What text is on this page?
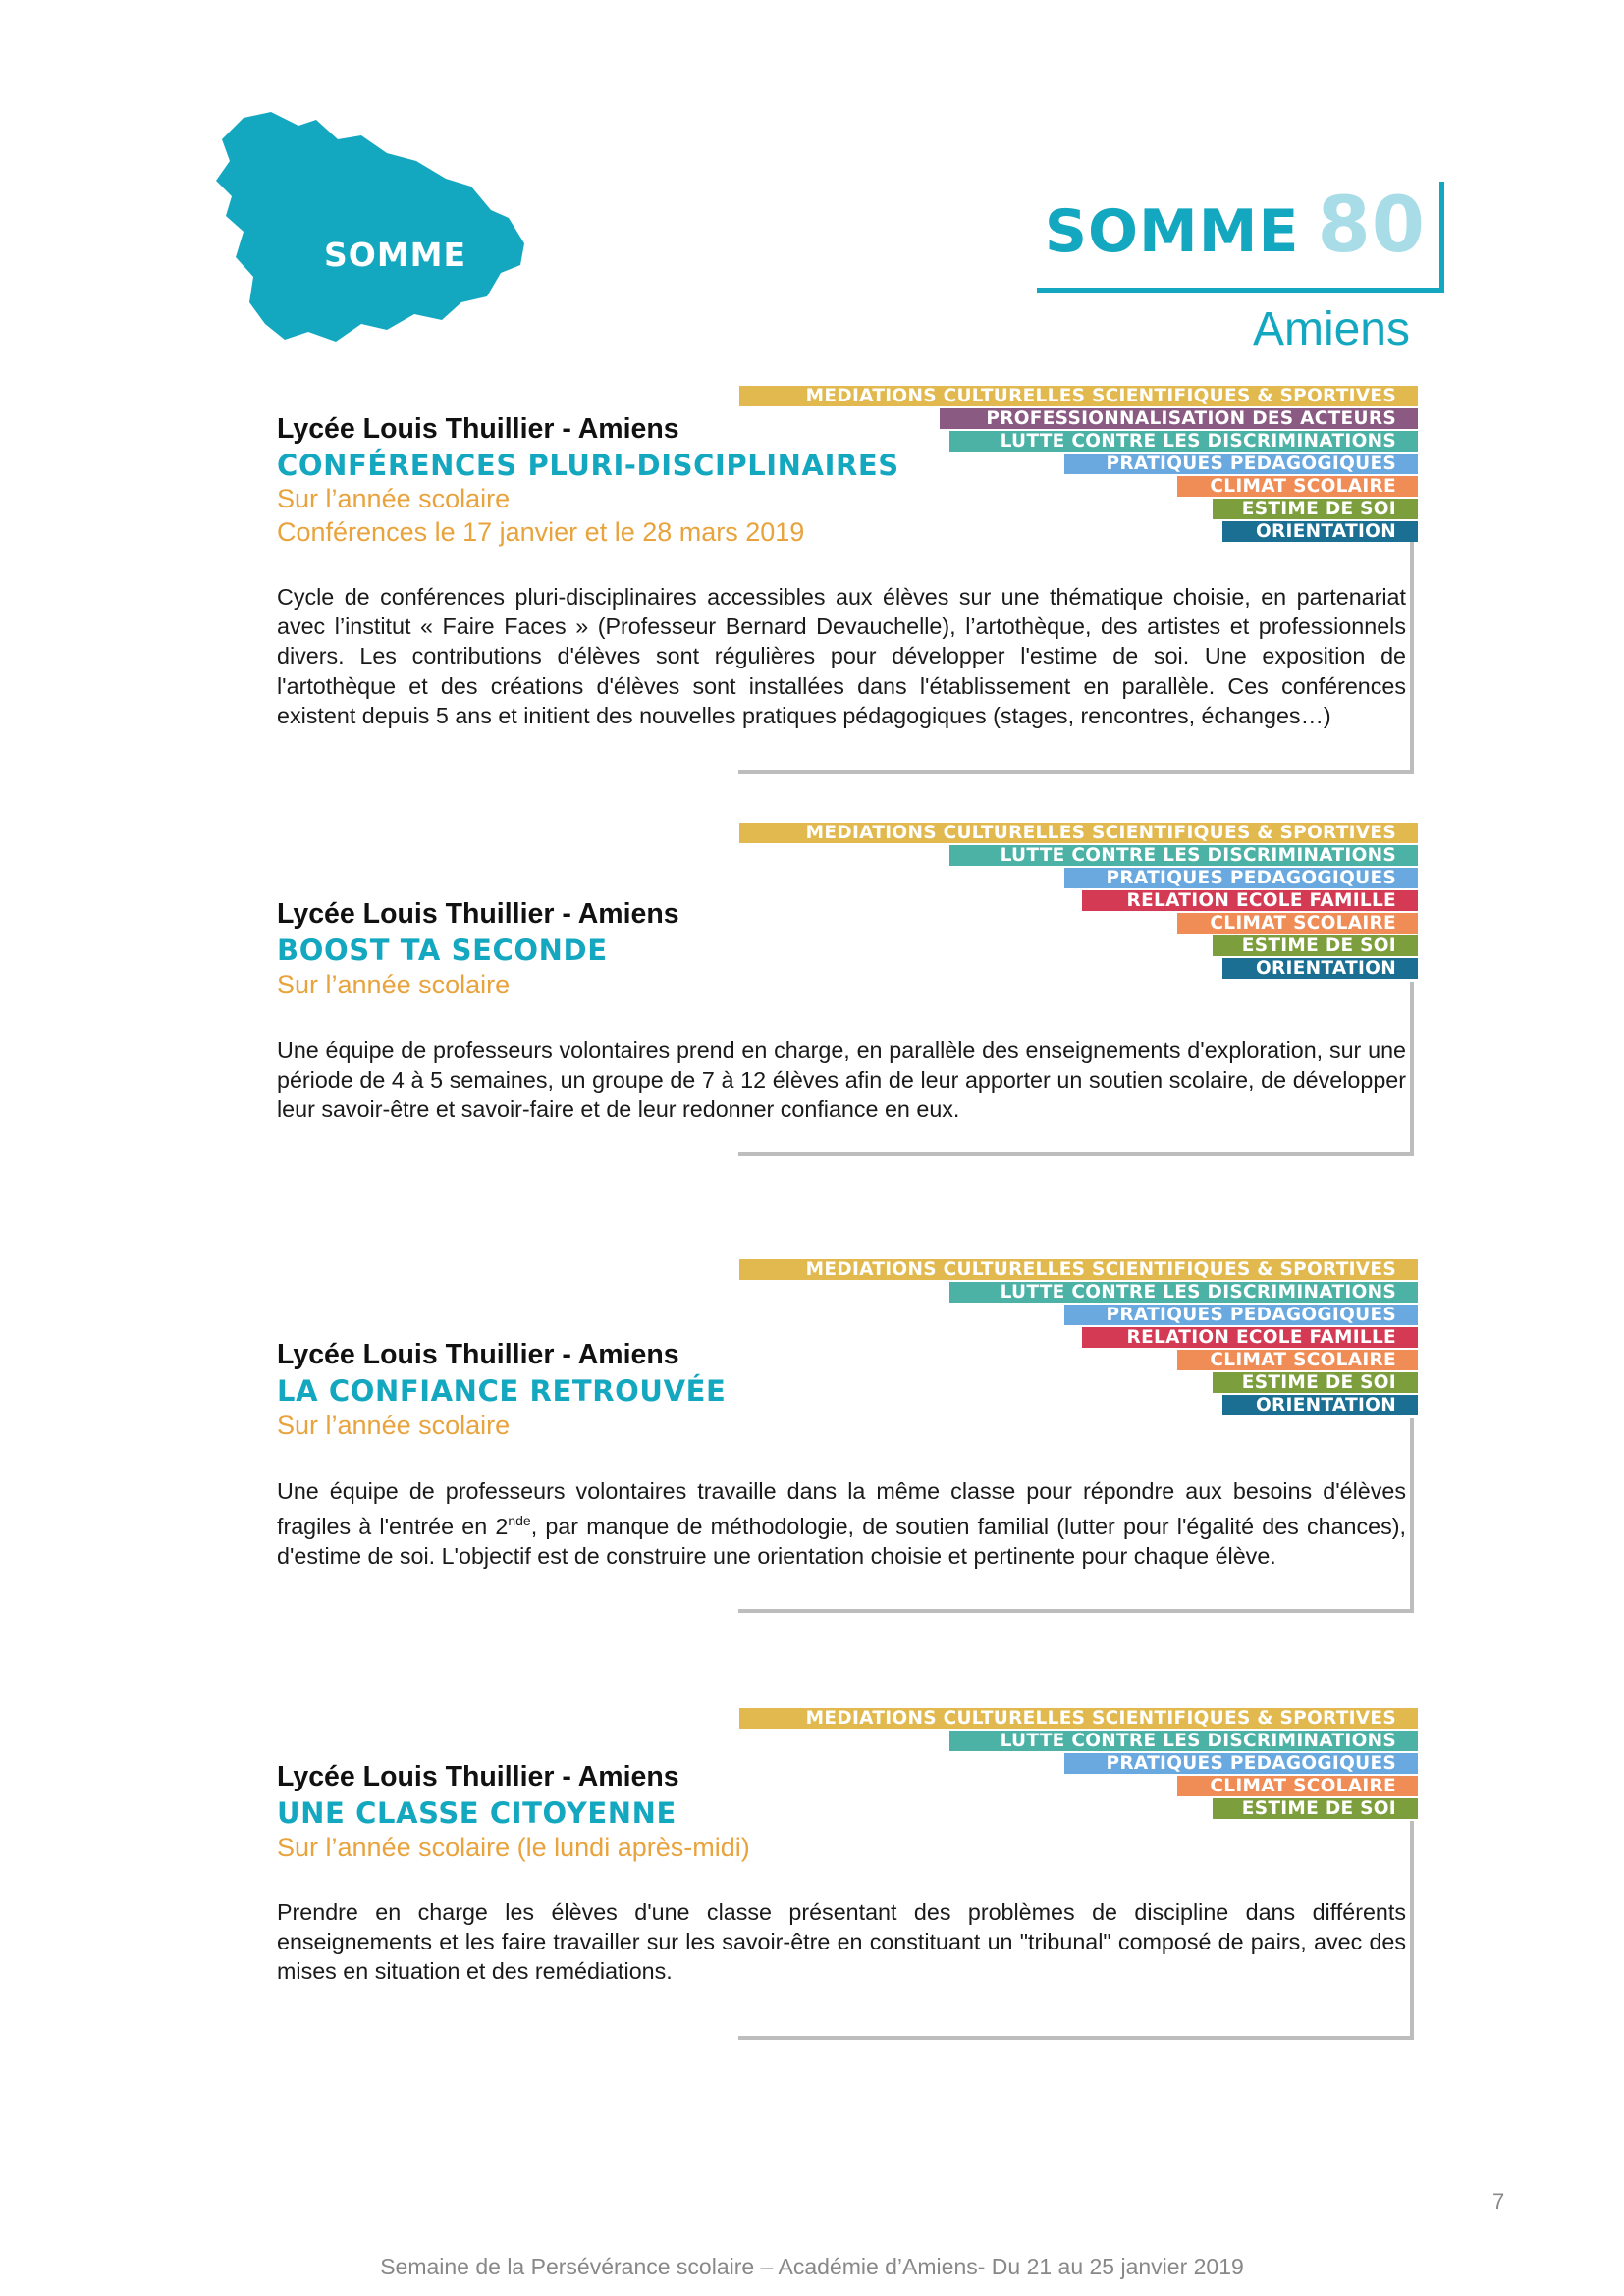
SOMME	SOMME 80
Amiens
MEDIATIONS CULTURELLES SCIENTIFIQUES & SPORTIVES
PROFESSIONNALISATION DES ACTEURS
LUTTE CONTRE LES DISCRIMINATIONS
PRATIQUES PEDAGOGIQUES
CLIMAT SCOLAIRE
ESTIME DE SOI
ORIENTATION
Lycée Louis Thuillier - Amiens
CONFÉRENCES PLURI-DISCIPLINAIRES
Sur l’année scolaire
Conférences le 17 janvier et le 28 mars 2019
Cycle de conférences pluri-disciplinaires accessibles aux élèves sur une thématique choisie, en partenariat avec l’institut « Faire Faces » (Professeur Bernard Devauchelle), l’artothèque, des artistes et professionnels divers. Les contributions d'élèves sont régulières pour développer l'estime de soi. Une exposition de l'artothèque et des créations d'élèves sont installées dans l'établissement en parallèle. Ces conférences existent depuis 5 ans et initient des nouvelles pratiques pédagogiques (stages, rencontres, échanges…)
MEDIATIONS CULTURELLES SCIENTIFIQUES & SPORTIVES
LUTTE CONTRE LES DISCRIMINATIONS
PRATIQUES PEDAGOGIQUES
RELATION ECOLE FAMILLE
CLIMAT SCOLAIRE
ESTIME DE SOI
ORIENTATION
Lycée Louis Thuillier - Amiens
BOOST TA SECONDE
Sur l’année scolaire
Une équipe de professeurs volontaires prend en charge, en parallèle des enseignements d'exploration, sur une période de 4 à 5 semaines, un groupe de 7 à 12 élèves afin de leur apporter un soutien scolaire, de développer leur savoir-être et savoir-faire et de leur redonner confiance en eux.
MEDIATIONS CULTURELLES SCIENTIFIQUES & SPORTIVES
LUTTE CONTRE LES DISCRIMINATIONS
PRATIQUES PEDAGOGIQUES
RELATION ECOLE FAMILLE
CLIMAT SCOLAIRE
ESTIME DE SOI
ORIENTATION
Lycée Louis Thuillier - Amiens
LA CONFIANCE RETROUVÉE
Sur l’année scolaire
Une équipe de professeurs volontaires travaille dans la même classe pour répondre aux besoins d'élèves fragiles à l'entrée en 2nde, par manque de méthodologie, de soutien familial (lutter pour l'égalité des chances), d'estime de soi. L'objectif est de construire une orientation choisie et pertinente pour chaque élève.
MEDIATIONS CULTURELLES SCIENTIFIQUES & SPORTIVES
LUTTE CONTRE LES DISCRIMINATIONS
PRATIQUES PEDAGOGIQUES
CLIMAT SCOLAIRE
ESTIME DE SOI
Lycée Louis Thuillier - Amiens
UNE CLASSE CITOYENNE
Sur l’année scolaire (le lundi après-midi)
Prendre en charge les élèves d'une classe présentant des problèmes de discipline dans différents enseignements et les faire travailler sur les savoir-être en constituant un "tribunal" composé de pairs, avec des mises en situation et des remédiations.
7
Semaine de la Persévérance scolaire – Académie d’Amiens- Du 21 au 25 janvier 2019
